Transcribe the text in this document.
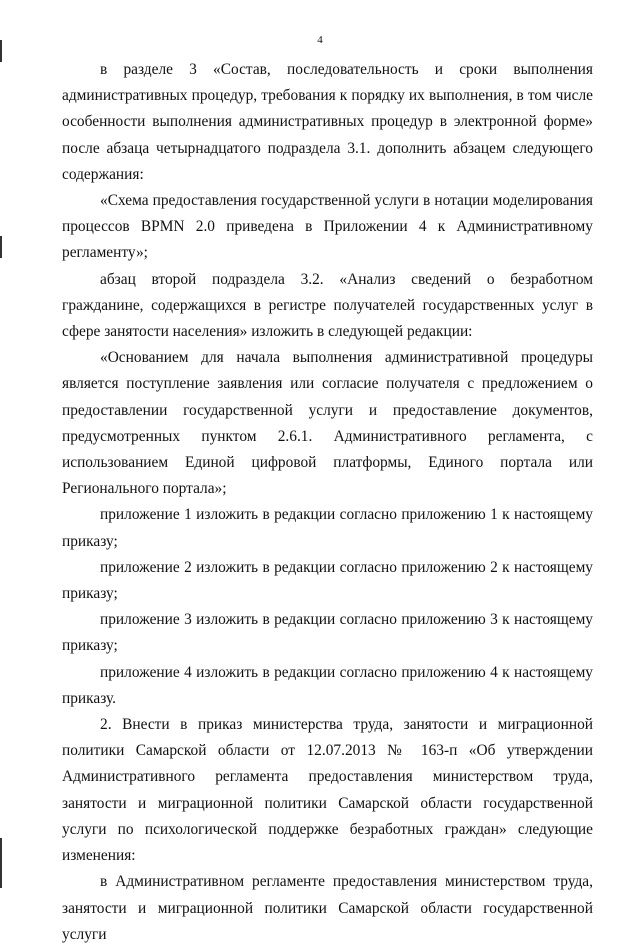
4

в разделе 3 «Состав, последовательность и сроки выполнения административных процедур, требования к порядку их выполнения, в том числе особенности выполнения административных процедур в электронной форме» после абзаца четырнадцатого подраздела 3.1. дополнить абзацем следующего содержания:

«Схема предоставления государственной услуги в нотации моделирования процессов BPMN 2.0 приведена в Приложении 4 к Административному регламенту»;

абзац второй подраздела 3.2. «Анализ сведений о безработном гражданине, содержащихся в регистре получателей государственных услуг в сфере занятости населения» изложить в следующей редакции:

«Основанием для начала выполнения административной процедуры является поступление заявления или согласие получателя с предложением о предоставлении государственной услуги и предоставление документов, предусмотренных пунктом 2.6.1. Административного регламента, с использованием Единой цифровой платформы, Единого портала или Регионального портала»;

приложение 1 изложить в редакции согласно приложению 1 к настоящему приказу;

приложение 2 изложить в редакции согласно приложению 2 к настоящему приказу;

приложение 3 изложить в редакции согласно приложению 3 к настоящему приказу;

приложение 4 изложить в редакции согласно приложению 4 к настоящему приказу.

2. Внести в приказ министерства труда, занятости и миграционной политики Самарской области от 12.07.2013 № 163-п «Об утверждении Административного регламента предоставления министерством труда, занятости и миграционной политики Самарской области государственной услуги по психологической поддержке безработных граждан» следующие изменения:

в Административном регламенте предоставления министерством труда, занятости и миграционной политики Самарской области государственной услуги
